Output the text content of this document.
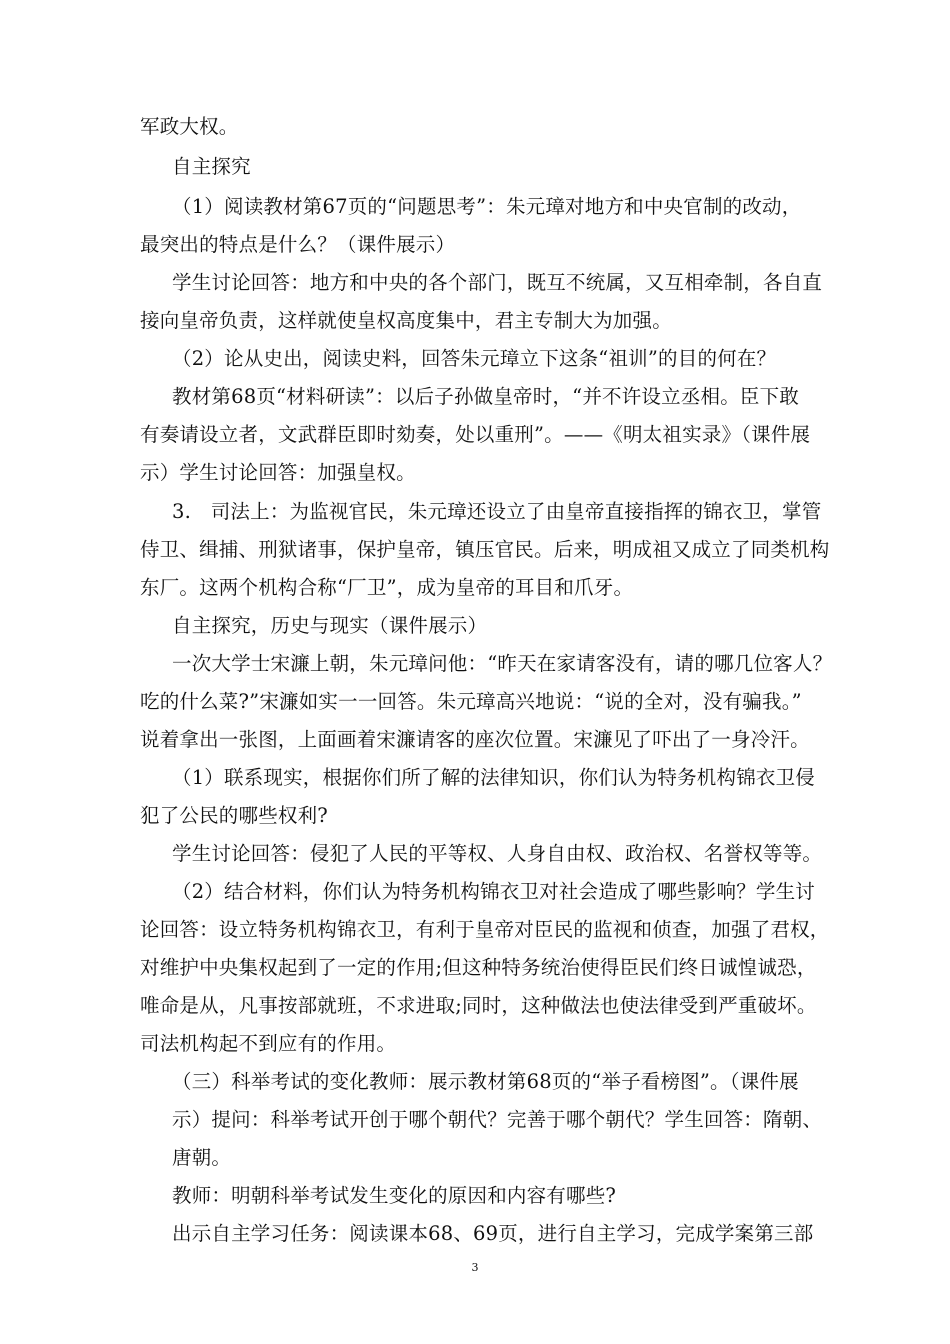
军政大权。
自主探究
（1）阅读教材第67页的“问题思考”：朱元璋对地方和中央官制的改动，
最突出的特点是什么？（课件展示）
学生讨论回答：地方和中央的各个部门，既互不统属，又互相牵制，各自直
接向皇帝负责，这样就使皇权高度集中，君主专制大为加强。
（2）论从史出，阅读史料，回答朱元璋立下这条“祖训”的目的何在？
教材第68页“材料研读”：以后子孙做皇帝时，“并不许设立丞相。臣下敢
有奏请设立者，文武群臣即时劾奏，处以重刑”。——《明太祖实录》（课件展
示）学生讨论回答：加强皇权。
3.　司法上：为监视官民，朱元璋还设立了由皇帝直接指挥的锦衣卫，掌管
侍卫、缉捕、刑狱诸事，保护皇帝，镇压官民。后来，明成祖又成立了同类机构
东厂。这两个机构合称“厂卫”，成为皇帝的耳目和爪牙。
自主探究，历史与现实（课件展示）
一次大学士宋濂上朝，朱元璋问他：“昨天在家请客没有，请的哪几位客人？
吃的什么菜?”宋濂如实一一回答。朱元璋高兴地说：“说的全对，没有骗我。”
说着拿出一张图，上面画着宋濂请客的座次位置。宋濂见了吓出了一身冷汗。
（1）联系现实，根据你们所了解的法律知识，你们认为特务机构锦衣卫侵
犯了公民的哪些权利?
学生讨论回答：侵犯了人民的平等权、人身自由权、政治权、名誉权等等。
（2）结合材料，你们认为特务机构锦衣卫对社会造成了哪些影响？学生讨
论回答：设立特务机构锦衣卫，有利于皇帝对臣民的监视和侦查，加强了君权，
对维护中央集权起到了一定的作用;但这种特务统治使得臣民们终日诚惶诚恐，
唯命是从，凡事按部就班，不求进取;同时，这种做法也使法律受到严重破坏。
司法机构起不到应有的作用。
（三）科举考试的变化教师：展示教材第68页的“举子看榜图”。（课件展
示）提问：科举考试开创于哪个朝代？完善于哪个朝代？学生回答：隋朝、
唐朝。
教师：明朝科举考试发生变化的原因和内容有哪些?
出示自主学习任务：阅读课本68、69页，进行自主学习，完成学案第三部
3
